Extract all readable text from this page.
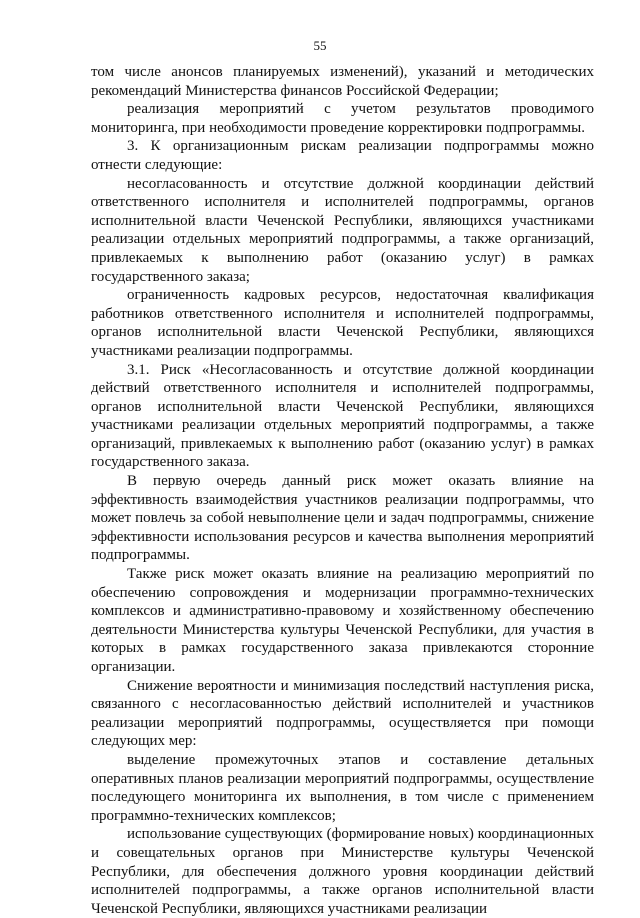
55

том числе анонсов планируемых изменений), указаний и методических рекомендаций Министерства финансов Российской Федерации;

реализация мероприятий с учетом результатов проводимого мониторинга, при необходимости проведение корректировки подпрограммы.

3. К организационным рискам реализации подпрограммы можно отнести следующие:

несогласованность и отсутствие должной координации действий ответственного исполнителя и исполнителей подпрограммы, органов исполнительной власти Чеченской Республики, являющихся участниками реализации отдельных мероприятий подпрограммы, а также организаций, привлекаемых к выполнению работ (оказанию услуг) в рамках государственного заказа;

ограниченность кадровых ресурсов, недостаточная квалификация работников ответственного исполнителя и исполнителей подпрограммы, органов исполнительной власти Чеченской Республики, являющихся участниками реализации подпрограммы.

3.1. Риск «Несогласованность и отсутствие должной координации действий ответственного исполнителя и исполнителей подпрограммы, органов исполнительной власти Чеченской Республики, являющихся участниками реализации отдельных мероприятий подпрограммы, а также организаций, привлекаемых к выполнению работ (оказанию услуг) в рамках государственного заказа.

В первую очередь данный риск может оказать влияние на эффективность взаимодействия участников реализации подпрограммы, что может повлечь за собой невыполнение цели и задач подпрограммы, снижение эффективности использования ресурсов и качества выполнения мероприятий подпрограммы.

Также риск может оказать влияние на реализацию мероприятий по обеспечению сопровождения и модернизации программно-технических комплексов и административно-правовому и хозяйственному обеспечению деятельности Министерства культуры Чеченской Республики, для участия в которых в рамках государственного заказа привлекаются сторонние организации.

Снижение вероятности и минимизация последствий наступления риска, связанного с несогласованностью действий исполнителей и участников реализации мероприятий подпрограммы, осуществляется при помощи следующих мер:

выделение промежуточных этапов и составление детальных оперативных планов реализации мероприятий подпрограммы, осуществление последующего мониторинга их выполнения, в том числе с применением программно-технических комплексов;

использование существующих (формирование новых) координационных и совещательных органов при Министерстве культуры Чеченской Республики, для обеспечения должного уровня координации действий исполнителей подпрограммы, а также органов исполнительной власти Чеченской Республики, являющихся участниками реализации
